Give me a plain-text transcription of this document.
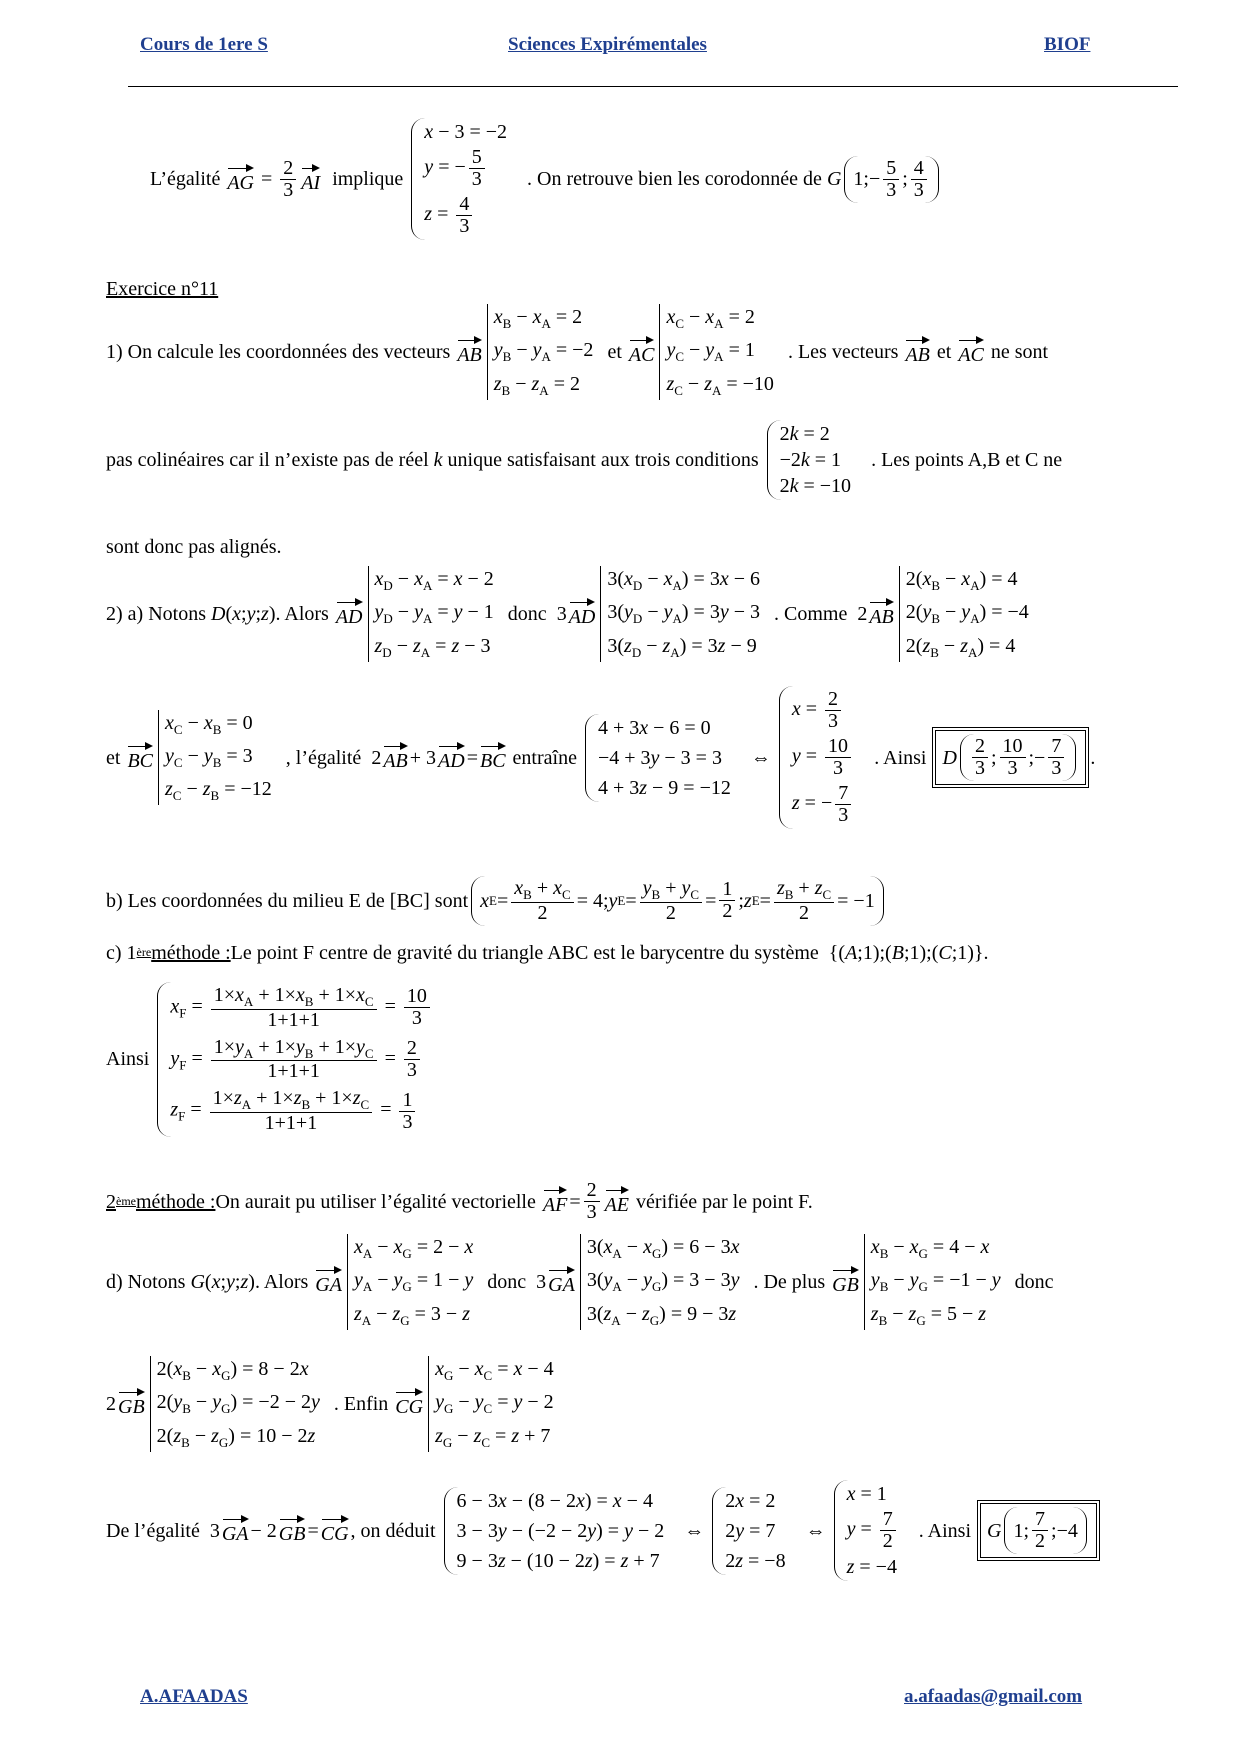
Cours de 1ere S	Sciences Expirémentales	BIOF
L’égalité
AG = $\frac{2}{3}$ AI
implique
x − 3 = −2
y = − $\frac{5}{3}$
$z = \frac{4}{3}$
. On retrouve bien les corodonnée de
G 1;− $\frac{5}{3}$ ; $\frac{4}{3}$
Exercice n°11
1) On calcule les coordonnées des vecteurs
AB
$x_B - x_A = 2$
$y_B - y_A = -2$
$z_B - z_A = 2$
et
AC
$x_C - x_A = 2$
$y_C - y_A = 1$
$z_C - z_A = -10$
. Les vecteurs
AB et AC
ne sont
pas colinéaires car il n’existe pas de réel
k
unique satisfaisant aux trois conditions
2k = 2
−2k = 1
2k = −10
. Les points A,B et C ne
sont donc pas alignés.
2) a) Notons
D ( x ; y ; z ) . Alors
AD
$x_D - x_A = x - 2$
$y_D - y_A = y - 1$
$z_D - z_A = z - 3$
donc 3 AD
$3(x_D - x_A) = 3x - 6$
$3(y_D - y_A) = 3y - 3$
$3(z_D - z_A) = 3z - 9$
. Comme 2 AB
$2(x_B - x_A) = 4$
$2(y_B - y_A) = -4$
$2(z_B - z_A) = 4$
et
BC
$x_C - x_B = 0$
$y_C - y_B = 3$
$z_C - z_B = -12$
, l’égalité 2 AB + 3 AD = BC
entraîne
4 + 3x − 6 = 0
−4 + 3y − 3 = 3
4 + 3z − 9 = −12
⇔
$x = \frac{2}{3}$
$y = \frac{10}{3}$
z = − $\frac{7}{3}$
. Ainsi
D $\frac{2}{3}$ ; $\frac{10}{3}$ ;− $\frac{7}{3}$ .
b) Les coordonnées du milieu E de [BC] sont x $E = \frac{x_B + x_C}{2} = 4$; y $E = \frac{y_B + y_C}{2} = \frac{1}{2}$ ; z $E = \frac{z_B + z_C}{2} = -1$
c) 1 ère méthode : Le point F centre de gravité du triangle ABC est le barycentre du système {( A ;1);( B ;1);( C ;1)}.
Ainsi
$x_F = \frac{1\times x_A + 1\times x_B + 1\times x_C}{1+1+1} = \frac{10}{3}$
$y_F = \frac{1\times y_A + 1\times y_B + 1\times y_C}{1+1+1} = \frac{2}{3}$
$z_F = \frac{1\times z_A + 1\times z_B + 1\times z_C}{1+1+1} = \frac{1}{3}$
2 ème méthode : On aurait pu utiliser l’égalité vectorielle
AF = $\frac{2}{3}$ AE
vérifiée par le point F.
d) Notons
G ( x ; y ; z ) . Alors
GA
$x_A - x_G = 2 - x$
$y_A - y_G = 1 - y$
$z_A - z_G = 3 - z$
donc 3 GA
$3(x_A - x_G) = 6 - 3x$
$3(y_A - y_G) = 3 - 3y$
$3(z_A - z_G) = 9 - 3z$
. De plus
GB
$x_B - x_G = 4 - x$
$y_B - y_G = -1 - y$
$z_B - z_G = 5 - z$
donc
2 GB
$2(x_B - x_G) = 8 - 2x$
$2(y_B - y_G) = -2 - 2y$
$2(z_B - z_G) = 10 - 2z$
. Enfin
CG
$x_G - x_C = x - 4$
$y_G - y_C = y - 2$
$z_G - z_C = z + 7$
De l’égalité 3 GA − 2 GB = CG , on déduit
6 − 3x − (8 − 2x) = x − 4
3 − 3y − (−2 − 2y) = y − 2
9 − 3z − (10 − 2z) = z + 7
⇔
2x = 2
2y = 7
2z = −8
⇔
x = 1
$y = \frac{7}{2}$
z = −4
. Ainsi
G 1; $\frac{7}{2}$ ;−4
A.AFAADAS	a.afaadas@gmail.com
